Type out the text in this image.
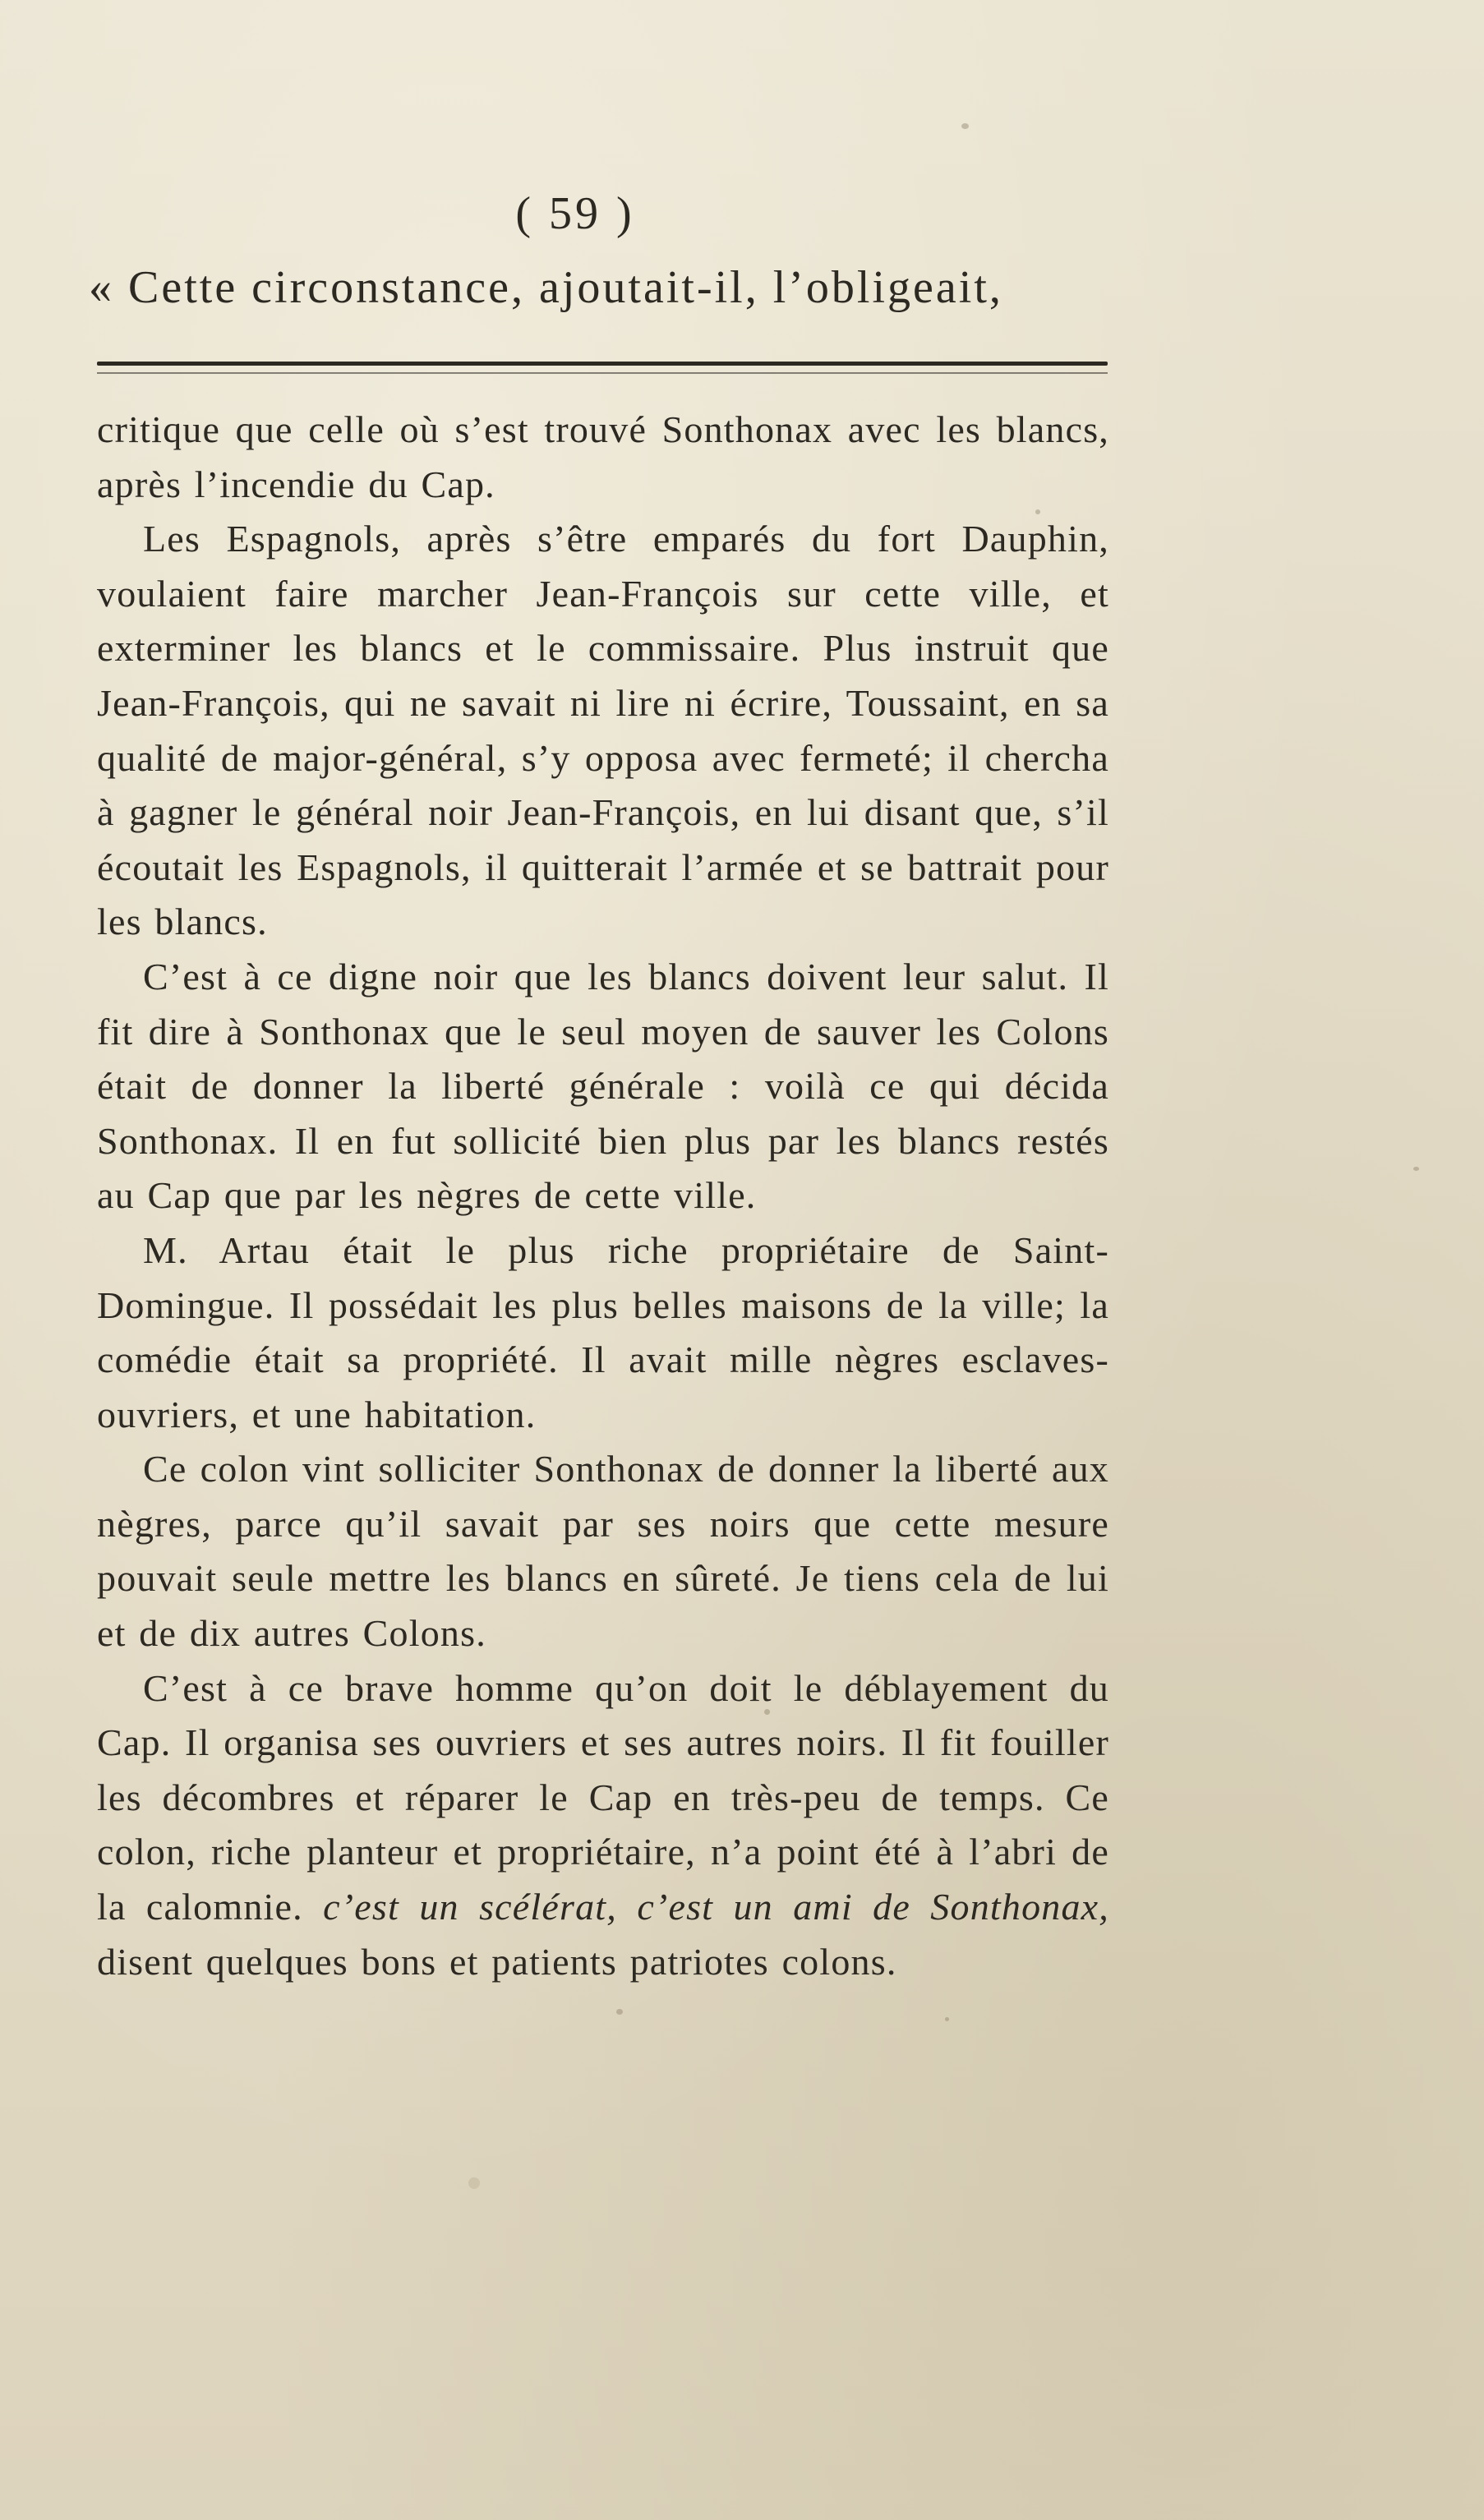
( 59 )
« Cette circonstance, ajoutait-il, l’obligeait,

critique que celle où s’est trouvé Sonthonax avec les blancs, après l’incendie du Cap.

Les Espagnols, après s’être emparés du fort Dauphin, voulaient faire marcher Jean-François sur cette ville, et exterminer les blancs et le commissaire. Plus instruit que Jean-François, qui ne savait ni lire ni écrire, Toussaint, en sa qualité de major-général, s’y opposa avec fermeté; il chercha à gagner le général noir Jean-François, en lui disant que, s’il écoutait les Espagnols, il quitterait l’armée et se battrait pour les blancs.

C’est à ce digne noir que les blancs doivent leur salut. Il fit dire à Sonthonax que le seul moyen de sauver les Colons était de donner la liberté générale : voilà ce qui décida Sonthonax. Il en fut sollicité bien plus par les blancs restés au Cap que par les nègres de cette ville.

M. Artau était le plus riche propriétaire de Saint-Domingue. Il possédait les plus belles maisons de la ville; la comédie était sa propriété. Il avait mille nègres esclaves-ouvriers, et une habitation.

Ce colon vint solliciter Sonthonax de donner la liberté aux nègres, parce qu’il savait par ses noirs que cette mesure pouvait seule mettre les blancs en sûreté. Je tiens cela de lui et de dix autres Colons.

C’est à ce brave homme qu’on doit le déblayement du Cap. Il organisa ses ouvriers et ses autres noirs. Il fit fouiller les décombres et réparer le Cap en très-peu de temps. Ce colon, riche planteur et propriétaire, n’a point été à l’abri de la calomnie. c’est un scélérat, c’est un ami de Sonthonax, disent quelques bons et patients patriotes colons.
